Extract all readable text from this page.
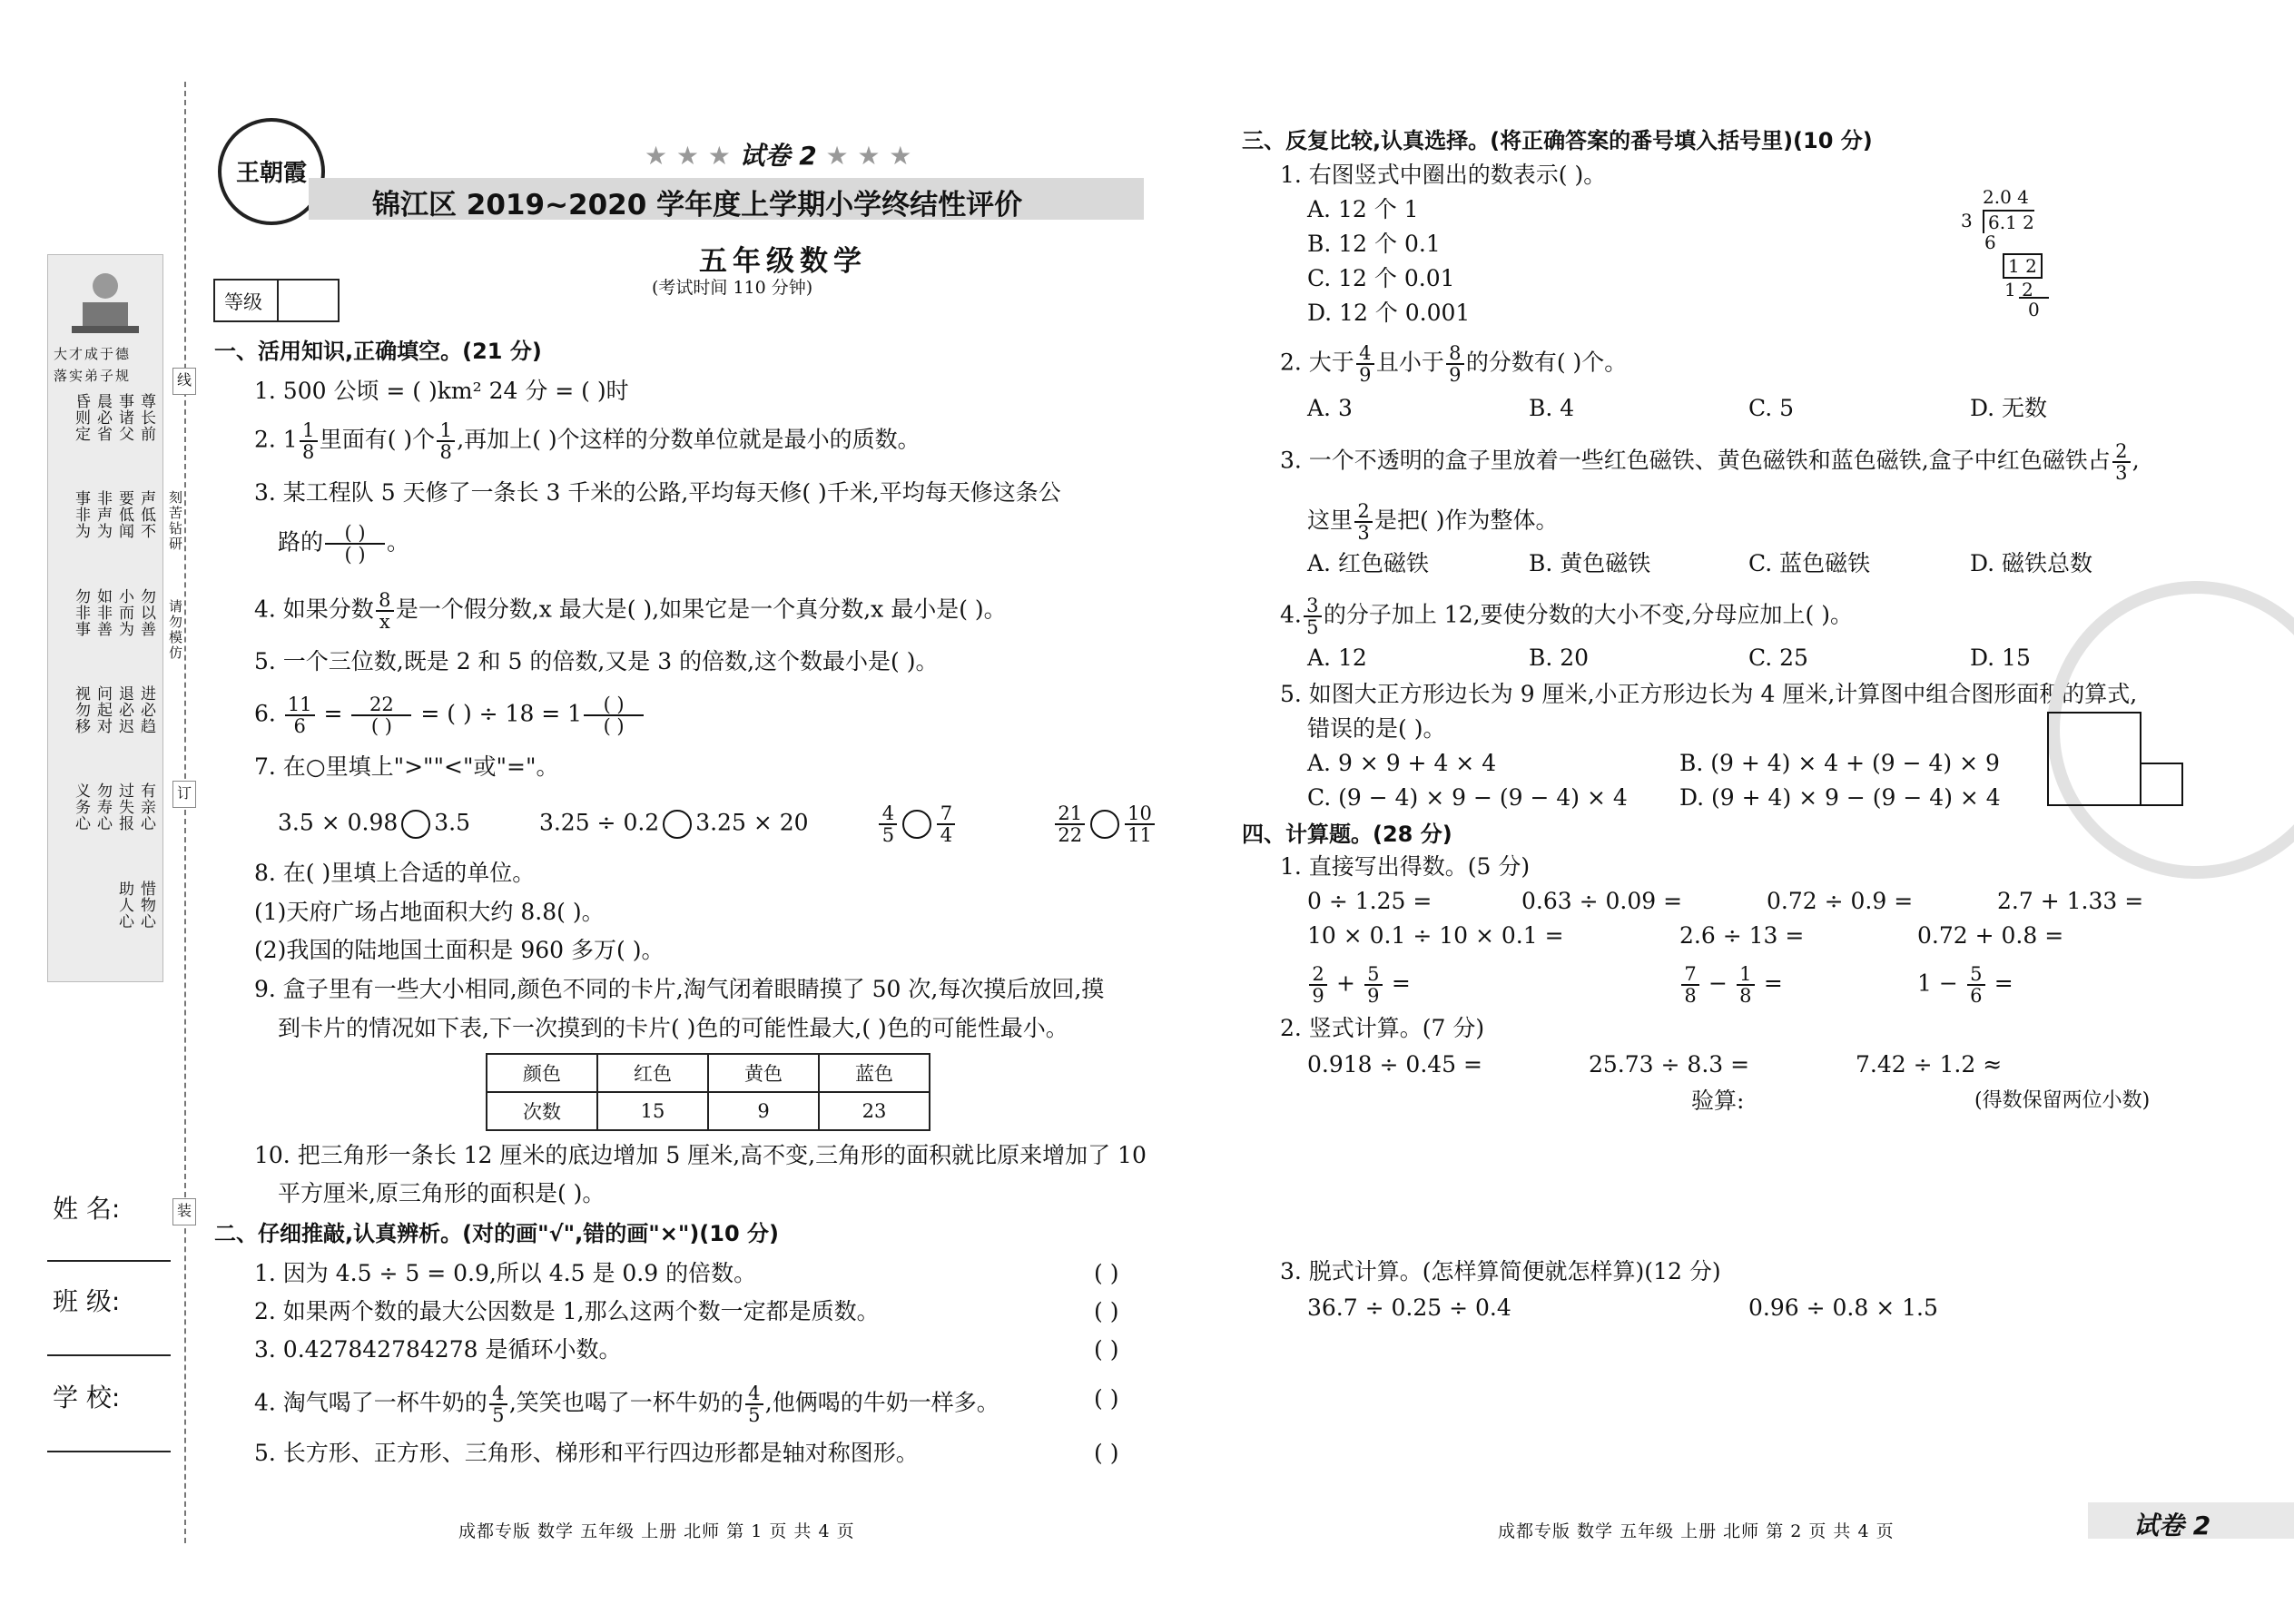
大才成于德
落实弟子规
尊长前
事诸父
晨必省
昏则定
声低不
要低闻
非声为
事非为
勿以善
小而为
如非善
勿非事
进必趋
退必迟
问起对
视勿移
有亲心
过失报
勿寿心
义务心
惜物心
助人心
线
订
装
刻苦钻研
请勿模仿
姓 名:
班 级:
学 校:
王朝霞
★ ★ ★ 试卷 2 ★ ★ ★
锦江区 2019~2020 学年度上学期小学终结性评价
五年级数学
(考试时间 110 分钟)
等级
一、活用知识,正确填空。(21 分)
1. 500 公顷 = ( )km² 24 分 = ( )时
2. $1 \frac{1}{8}$ 里面有( )个 $\frac{1}{8}$ ,再加上( )个这样的分数单位就是最小的质数。
3. 某工程队 5 天修了一条长 3 千米的公路,平均每天修( )千米,平均每天修这条公
路的 $\frac{( )}{( )}$ 。
4. 如果分数 $\frac{8}{x}$ 是一个假分数,x 最大是( ),如果它是一个真分数,x 最小是( )。
5. 一个三位数,既是 2 和 5 的倍数,又是 3 的倍数,这个数最小是( )。
6. $\frac{11}{6} = \frac{22}{( )}$ = ( ) ÷ $18 = 1 \frac{( )}{( )}$
7. 在○里填上">""<"或"="。
3.5 × 0.98 3.5	3.25 ÷ 0.2 3.25 × 20	$\frac{4}{5} \frac{7}{4}$
	$\frac{21}{22} \frac{10}{11}$
8. 在( )里填上合适的单位。
(1)天府广场占地面积大约 8.8( )。
(2)我国的陆地国土面积是 960 多万( )。
9. 盒子里有一些大小相同,颜色不同的卡片,淘气闭着眼睛摸了 50 次,每次摸后放回,摸
到卡片的情况如下表,下一次摸到的卡片( )色的可能性最大,( )色的可能性最小。
颜色	红色	黄色	蓝色
次数	15	9	23
10. 把三角形一条长 12 厘米的底边增加 5 厘米,高不变,三角形的面积就比原来增加了 10
平方厘米,原三角形的面积是( )。
二、仔细推敲,认真辨析。(对的画"√",错的画"×")(10 分)
1. 因为 4.5 ÷ 5 = 0.9,所以 4.5 是 0.9 的倍数。	( )
2. 如果两个数的最大公因数是 1,那么这两个数一定都是质数。	( )
3. 0.427842784278 是循环小数。	( )
4. 淘气喝了一杯牛奶的 $\frac{4}{5}$ ,笑笑也喝了一杯牛奶的 $\frac{4}{5}$ ,他俩喝的牛奶一样多。	( )
5. 长方形、正方形、三角形、梯形和平行四边形都是轴对称图形。	( )
成都专版 数学 五年级 上册 北师 第 1 页 共 4 页
三、反复比较,认真选择。(将正确答案的番号填入括号里)(10 分)
1. 右图竖式中圈出的数表示( )。
A. 12 个 1
B. 12 个 0.1
C. 12 个 0.01
D. 12 个 0.001
2.0 4
3 6.1 2
6
1 2
1 2
0
2. 大于 $\frac{4}{9}$ 且小于 $\frac{8}{9}$ 的分数有( )个。
A. 3	B. 4	C. 5	D. 无数
3. 一个不透明的盒子里放着一些红色磁铁、黄色磁铁和蓝色磁铁,盒子中红色磁铁占 $\frac{2}{3}$ ,
这里 $\frac{2}{3}$ 是把( )作为整体。
A. 红色磁铁	B. 黄色磁铁	C. 蓝色磁铁	D. 磁铁总数
4. $\frac{3}{5}$ 的分子加上 12,要使分数的大小不变,分母应加上( )。
A. 12	B. 20	C. 25	D. 15
5. 如图大正方形边长为 9 厘米,小正方形边长为 4 厘米,计算图中组合图形面积的算式,
错误的是( )。
A. 9 × 9 + 4 × 4	B. (9 + 4) × 4 + (9 − 4) × 9
C. (9 − 4) × 9 − (9 − 4) × 4 D. (9 + 4) × 9 − (9 − 4) × 4
四、计算题。(28 分)
1. 直接写出得数。(5 分)
0 ÷ 1.25 =	0.63 ÷ 0.09 =	0.72 ÷ 0.9 =	2.7 + 1.33 =
10 × 0.1 ÷ 10 × 0.1 =	2.6 ÷ 13 =	0.72 + 0.8 =
$\frac{2}{9} + \frac{5}{9}$ =	$\frac{7}{8} - \frac{1}{8}$ =	$1 - \frac{5}{6}$ =
2. 竖式计算。(7 分)
0.918 ÷ 0.45 =	25.73 ÷ 8.3 =	7.42 ÷ 1.2 ≈
验算:	(得数保留两位小数)
3. 脱式计算。(怎样算简便就怎样算)(12 分)
36.7 ÷ 0.25 ÷ 0.4	0.96 ÷ 0.8 × 1.5
成都专版 数学 五年级 上册 北师 第 2 页 共 4 页	试卷 2
